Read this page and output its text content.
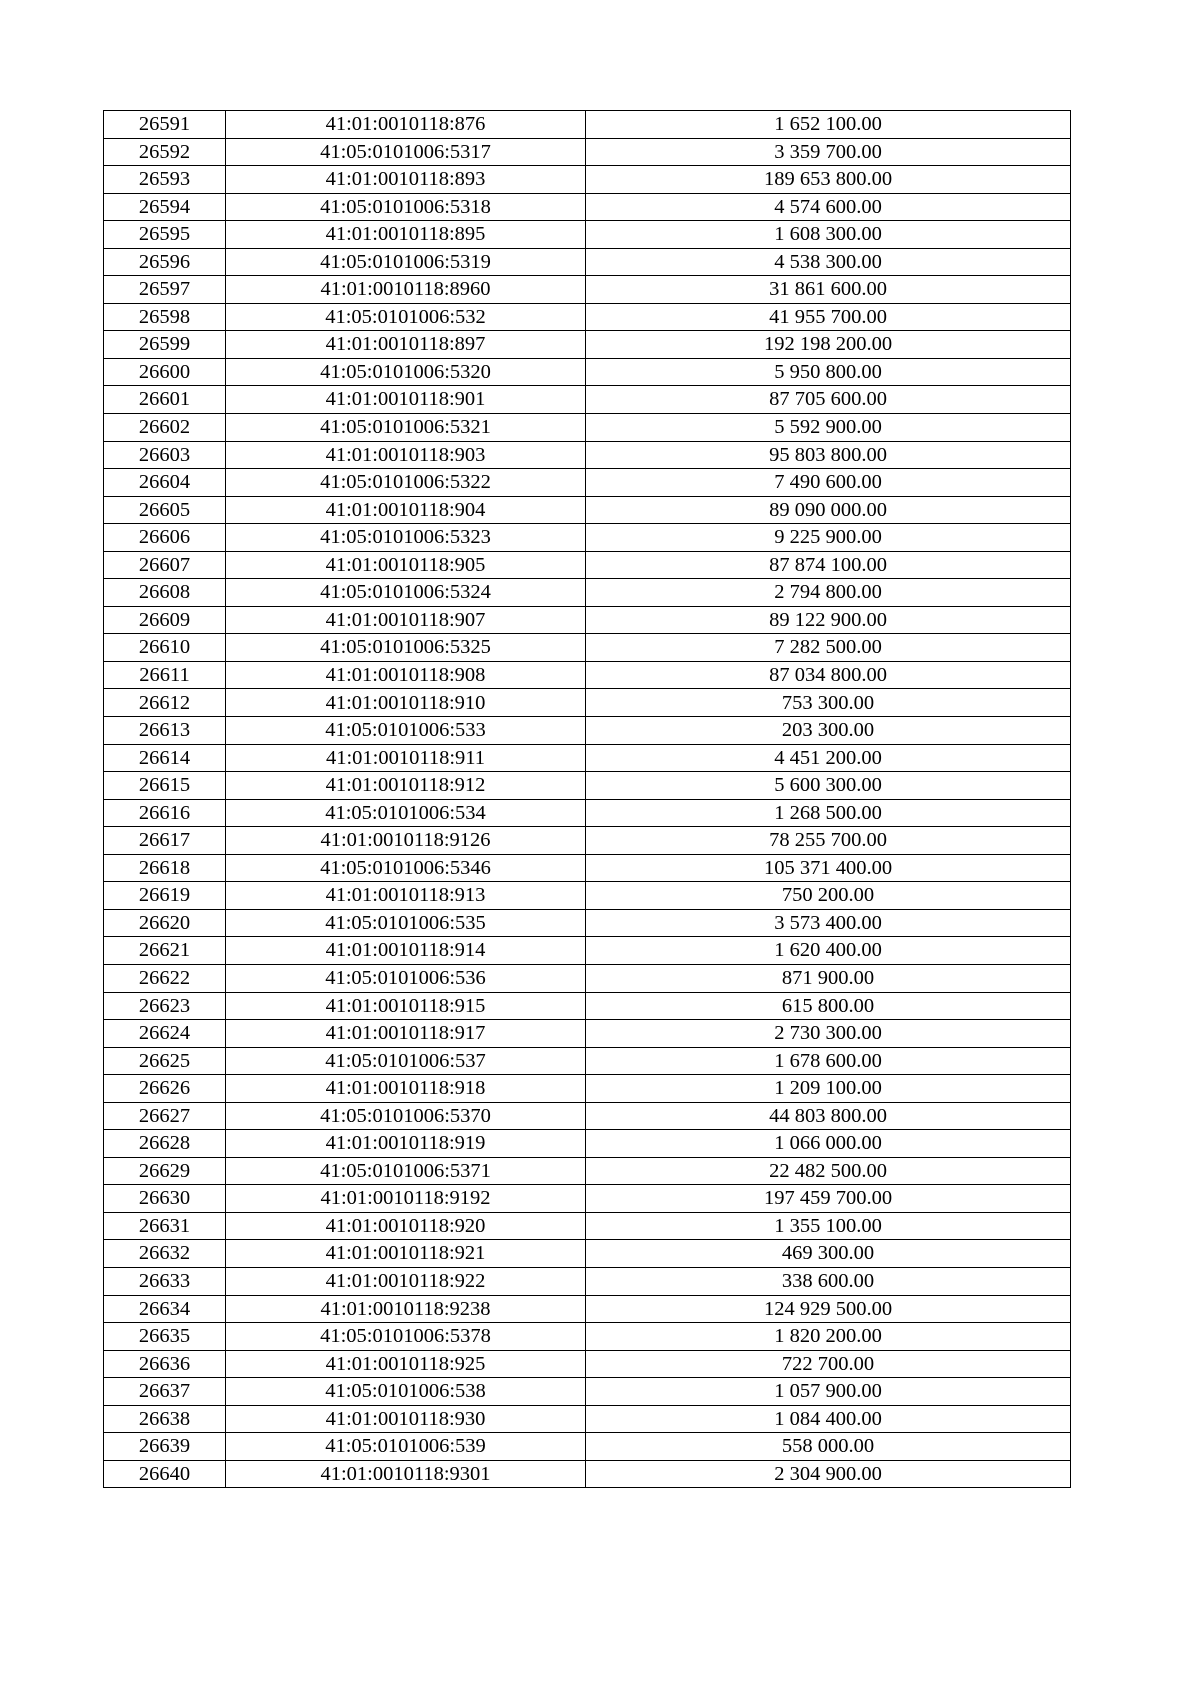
26591	41:01:0010118:876	1 652 100.00
26592	41:05:0101006:5317	3 359 700.00
26593	41:01:0010118:893	189 653 800.00
26594	41:05:0101006:5318	4 574 600.00
26595	41:01:0010118:895	1 608 300.00
26596	41:05:0101006:5319	4 538 300.00
26597	41:01:0010118:8960	31 861 600.00
26598	41:05:0101006:532	41 955 700.00
26599	41:01:0010118:897	192 198 200.00
26600	41:05:0101006:5320	5 950 800.00
26601	41:01:0010118:901	87 705 600.00
26602	41:05:0101006:5321	5 592 900.00
26603	41:01:0010118:903	95 803 800.00
26604	41:05:0101006:5322	7 490 600.00
26605	41:01:0010118:904	89 090 000.00
26606	41:05:0101006:5323	9 225 900.00
26607	41:01:0010118:905	87 874 100.00
26608	41:05:0101006:5324	2 794 800.00
26609	41:01:0010118:907	89 122 900.00
26610	41:05:0101006:5325	7 282 500.00
26611	41:01:0010118:908	87 034 800.00
26612	41:01:0010118:910	753 300.00
26613	41:05:0101006:533	203 300.00
26614	41:01:0010118:911	4 451 200.00
26615	41:01:0010118:912	5 600 300.00
26616	41:05:0101006:534	1 268 500.00
26617	41:01:0010118:9126	78 255 700.00
26618	41:05:0101006:5346	105 371 400.00
26619	41:01:0010118:913	750 200.00
26620	41:05:0101006:535	3 573 400.00
26621	41:01:0010118:914	1 620 400.00
26622	41:05:0101006:536	871 900.00
26623	41:01:0010118:915	615 800.00
26624	41:01:0010118:917	2 730 300.00
26625	41:05:0101006:537	1 678 600.00
26626	41:01:0010118:918	1 209 100.00
26627	41:05:0101006:5370	44 803 800.00
26628	41:01:0010118:919	1 066 000.00
26629	41:05:0101006:5371	22 482 500.00
26630	41:01:0010118:9192	197 459 700.00
26631	41:01:0010118:920	1 355 100.00
26632	41:01:0010118:921	469 300.00
26633	41:01:0010118:922	338 600.00
26634	41:01:0010118:9238	124 929 500.00
26635	41:05:0101006:5378	1 820 200.00
26636	41:01:0010118:925	722 700.00
26637	41:05:0101006:538	1 057 900.00
26638	41:01:0010118:930	1 084 400.00
26639	41:05:0101006:539	558 000.00
26640	41:01:0010118:9301	2 304 900.00
